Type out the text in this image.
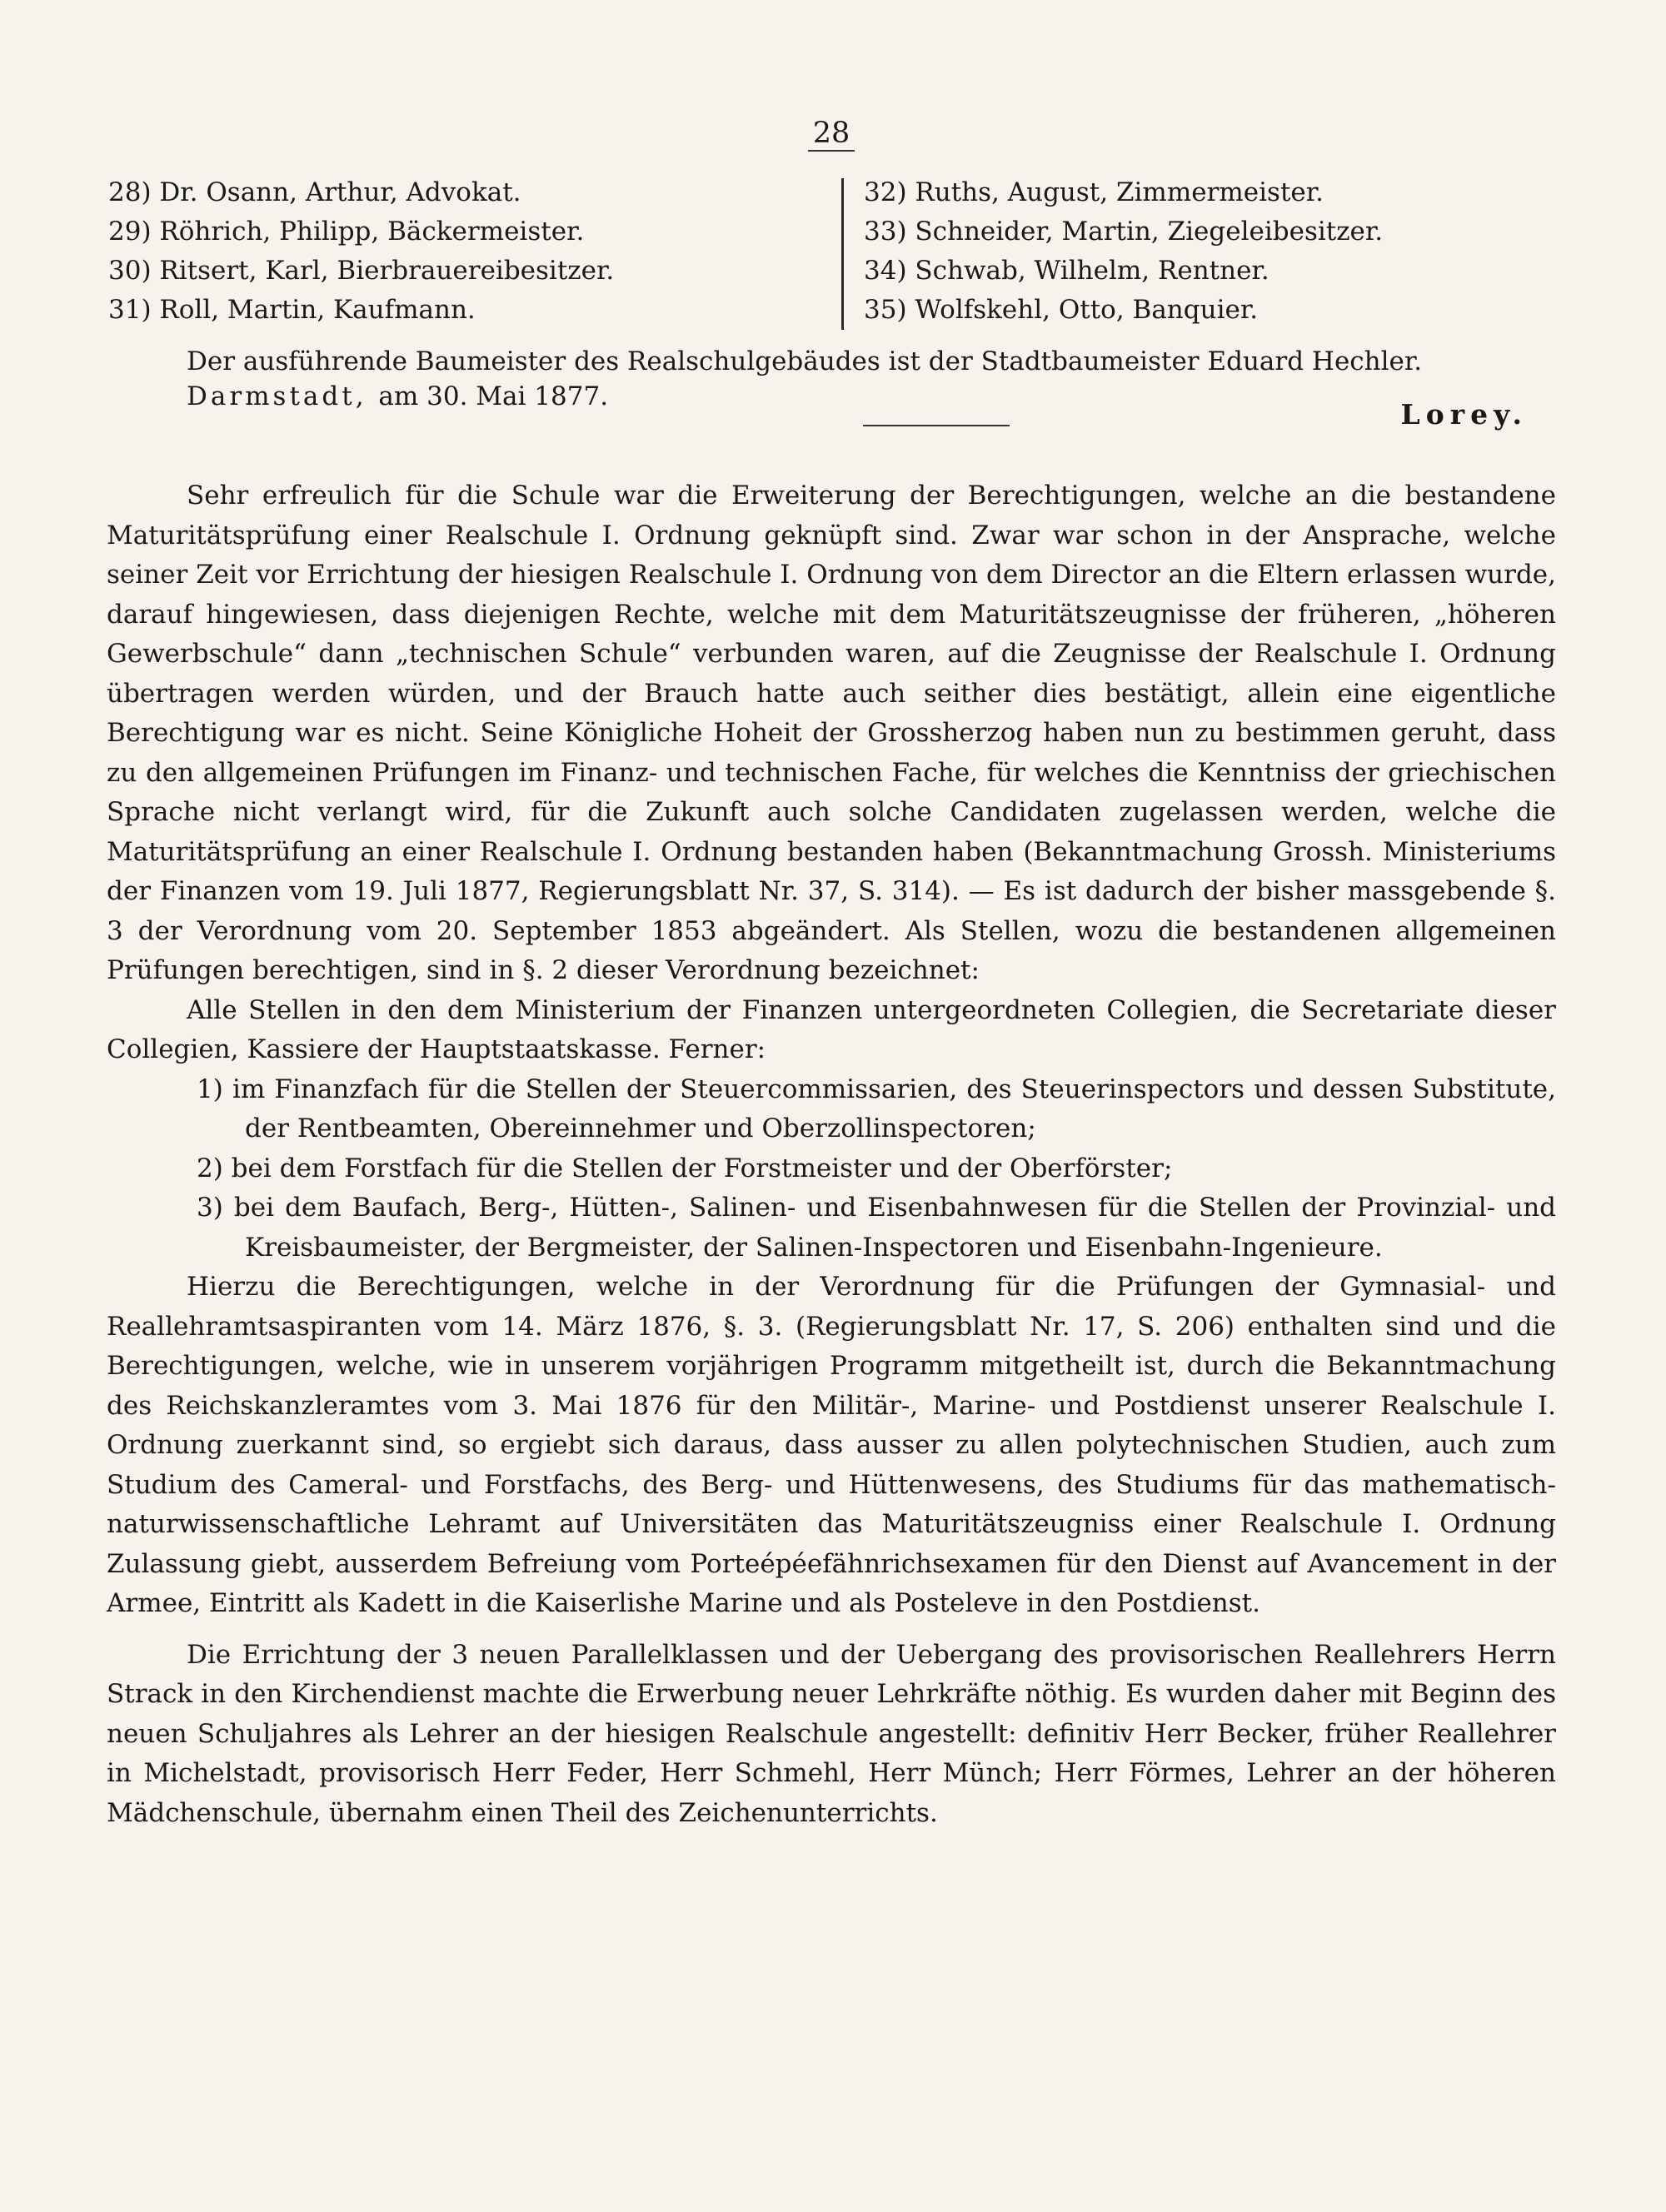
28
28) Dr. Osann, Arthur, Advokat.
29) Röhrich, Philipp, Bäckermeister.
30) Ritsert, Karl, Bierbrauereibesitzer.
31) Roll, Martin, Kaufmann.
32) Ruths, August, Zimmermeister.
33) Schneider, Martin, Ziegeleibesitzer.
34) Schwab, Wilhelm, Rentner.
35) Wolfskehl, Otto, Banquier.
Der ausführende Baumeister des Realschulgebäudes ist der Stadtbaumeister Eduard Hechler.
Darmstadt, am 30. Mai 1877.
Lorey.

Sehr erfreulich für die Schule war die Erweiterung der Berechtigungen, welche an die bestandene Maturitätsprüfung einer Realschule I. Ordnung geknüpft sind. Zwar war schon in der Ansprache, welche seiner Zeit vor Errichtung der hiesigen Realschule I. Ordnung von dem Director an die Eltern erlassen wurde, darauf hingewiesen, dass diejenigen Rechte, welche mit dem Maturitätszeugnisse der früheren, „höheren Gewerbschule“ dann „technischen Schule“ verbunden waren, auf die Zeugnisse der Realschule I. Ordnung übertragen werden würden, und der Brauch hatte auch seither dies bestätigt, allein eine eigentliche Berechtigung war es nicht. Seine Königliche Hoheit der Grossherzog haben nun zu bestimmen geruht, dass zu den allgemeinen Prüfungen im Finanz- und technischen Fache, für welches die Kenntniss der griechischen Sprache nicht verlangt wird, für die Zukunft auch solche Candidaten zugelassen werden, welche die Maturitätsprüfung an einer Realschule I. Ordnung bestanden haben (Bekanntmachung Grossh. Ministeriums der Finanzen vom 19. Juli 1877, Regierungsblatt Nr. 37, S. 314). — Es ist dadurch der bisher massgebende §. 3 der Verordnung vom 20. September 1853 abgeändert. Als Stellen, wozu die bestandenen allgemeinen Prüfungen berechtigen, sind in §. 2 dieser Verordnung bezeichnet:

Alle Stellen in den dem Ministerium der Finanzen untergeordneten Collegien, die Secretariate dieser Collegien, Kassiere der Hauptstaatskasse. Ferner:

1) im Finanzfach für die Stellen der Steuercommissarien, des Steuerinspectors und dessen Substitute, der Rentbeamten, Obereinnehmer und Oberzollinspectoren;
2) bei dem Forstfach für die Stellen der Forstmeister und der Oberförster;
3) bei dem Baufach, Berg-, Hütten-, Salinen- und Eisenbahnwesen für die Stellen der Provinzial- und Kreisbaumeister, der Bergmeister, der Salinen-Inspectoren und Eisenbahn-Ingenieure.

Hierzu die Berechtigungen, welche in der Verordnung für die Prüfungen der Gymnasial- und Reallehramtsaspiranten vom 14. März 1876, §. 3. (Regierungsblatt Nr. 17, S. 206) enthalten sind und die Berechtigungen, welche, wie in unserem vorjährigen Programm mitgetheilt ist, durch die Bekanntmachung des Reichskanzleramtes vom 3. Mai 1876 für den Militär-, Marine- und Postdienst unserer Realschule I. Ordnung zuerkannt sind, so ergiebt sich daraus, dass ausser zu allen polytechnischen Studien, auch zum Studium des Cameral- und Forstfachs, des Berg- und Hüttenwesens, des Studiums für das mathematisch-naturwissenschaftliche Lehramt auf Universitäten das Maturitätszeugniss einer Realschule I. Ordnung Zulassung giebt, ausserdem Befreiung vom Porteépéefähnrichsexamen für den Dienst auf Avancement in der Armee, Eintritt als Kadett in die Kaiserlishe Marine und als Posteleve in den Postdienst.

Die Errichtung der 3 neuen Parallelklassen und der Uebergang des provisorischen Reallehrers Herrn Strack in den Kirchendienst machte die Erwerbung neuer Lehrkräfte nöthig. Es wurden daher mit Beginn des neuen Schuljahres als Lehrer an der hiesigen Realschule angestellt: definitiv Herr Becker, früher Reallehrer in Michelstadt, provisorisch Herr Feder, Herr Schmehl, Herr Münch; Herr Förmes, Lehrer an der höheren Mädchenschule, übernahm einen Theil des Zeichenunterrichts.
